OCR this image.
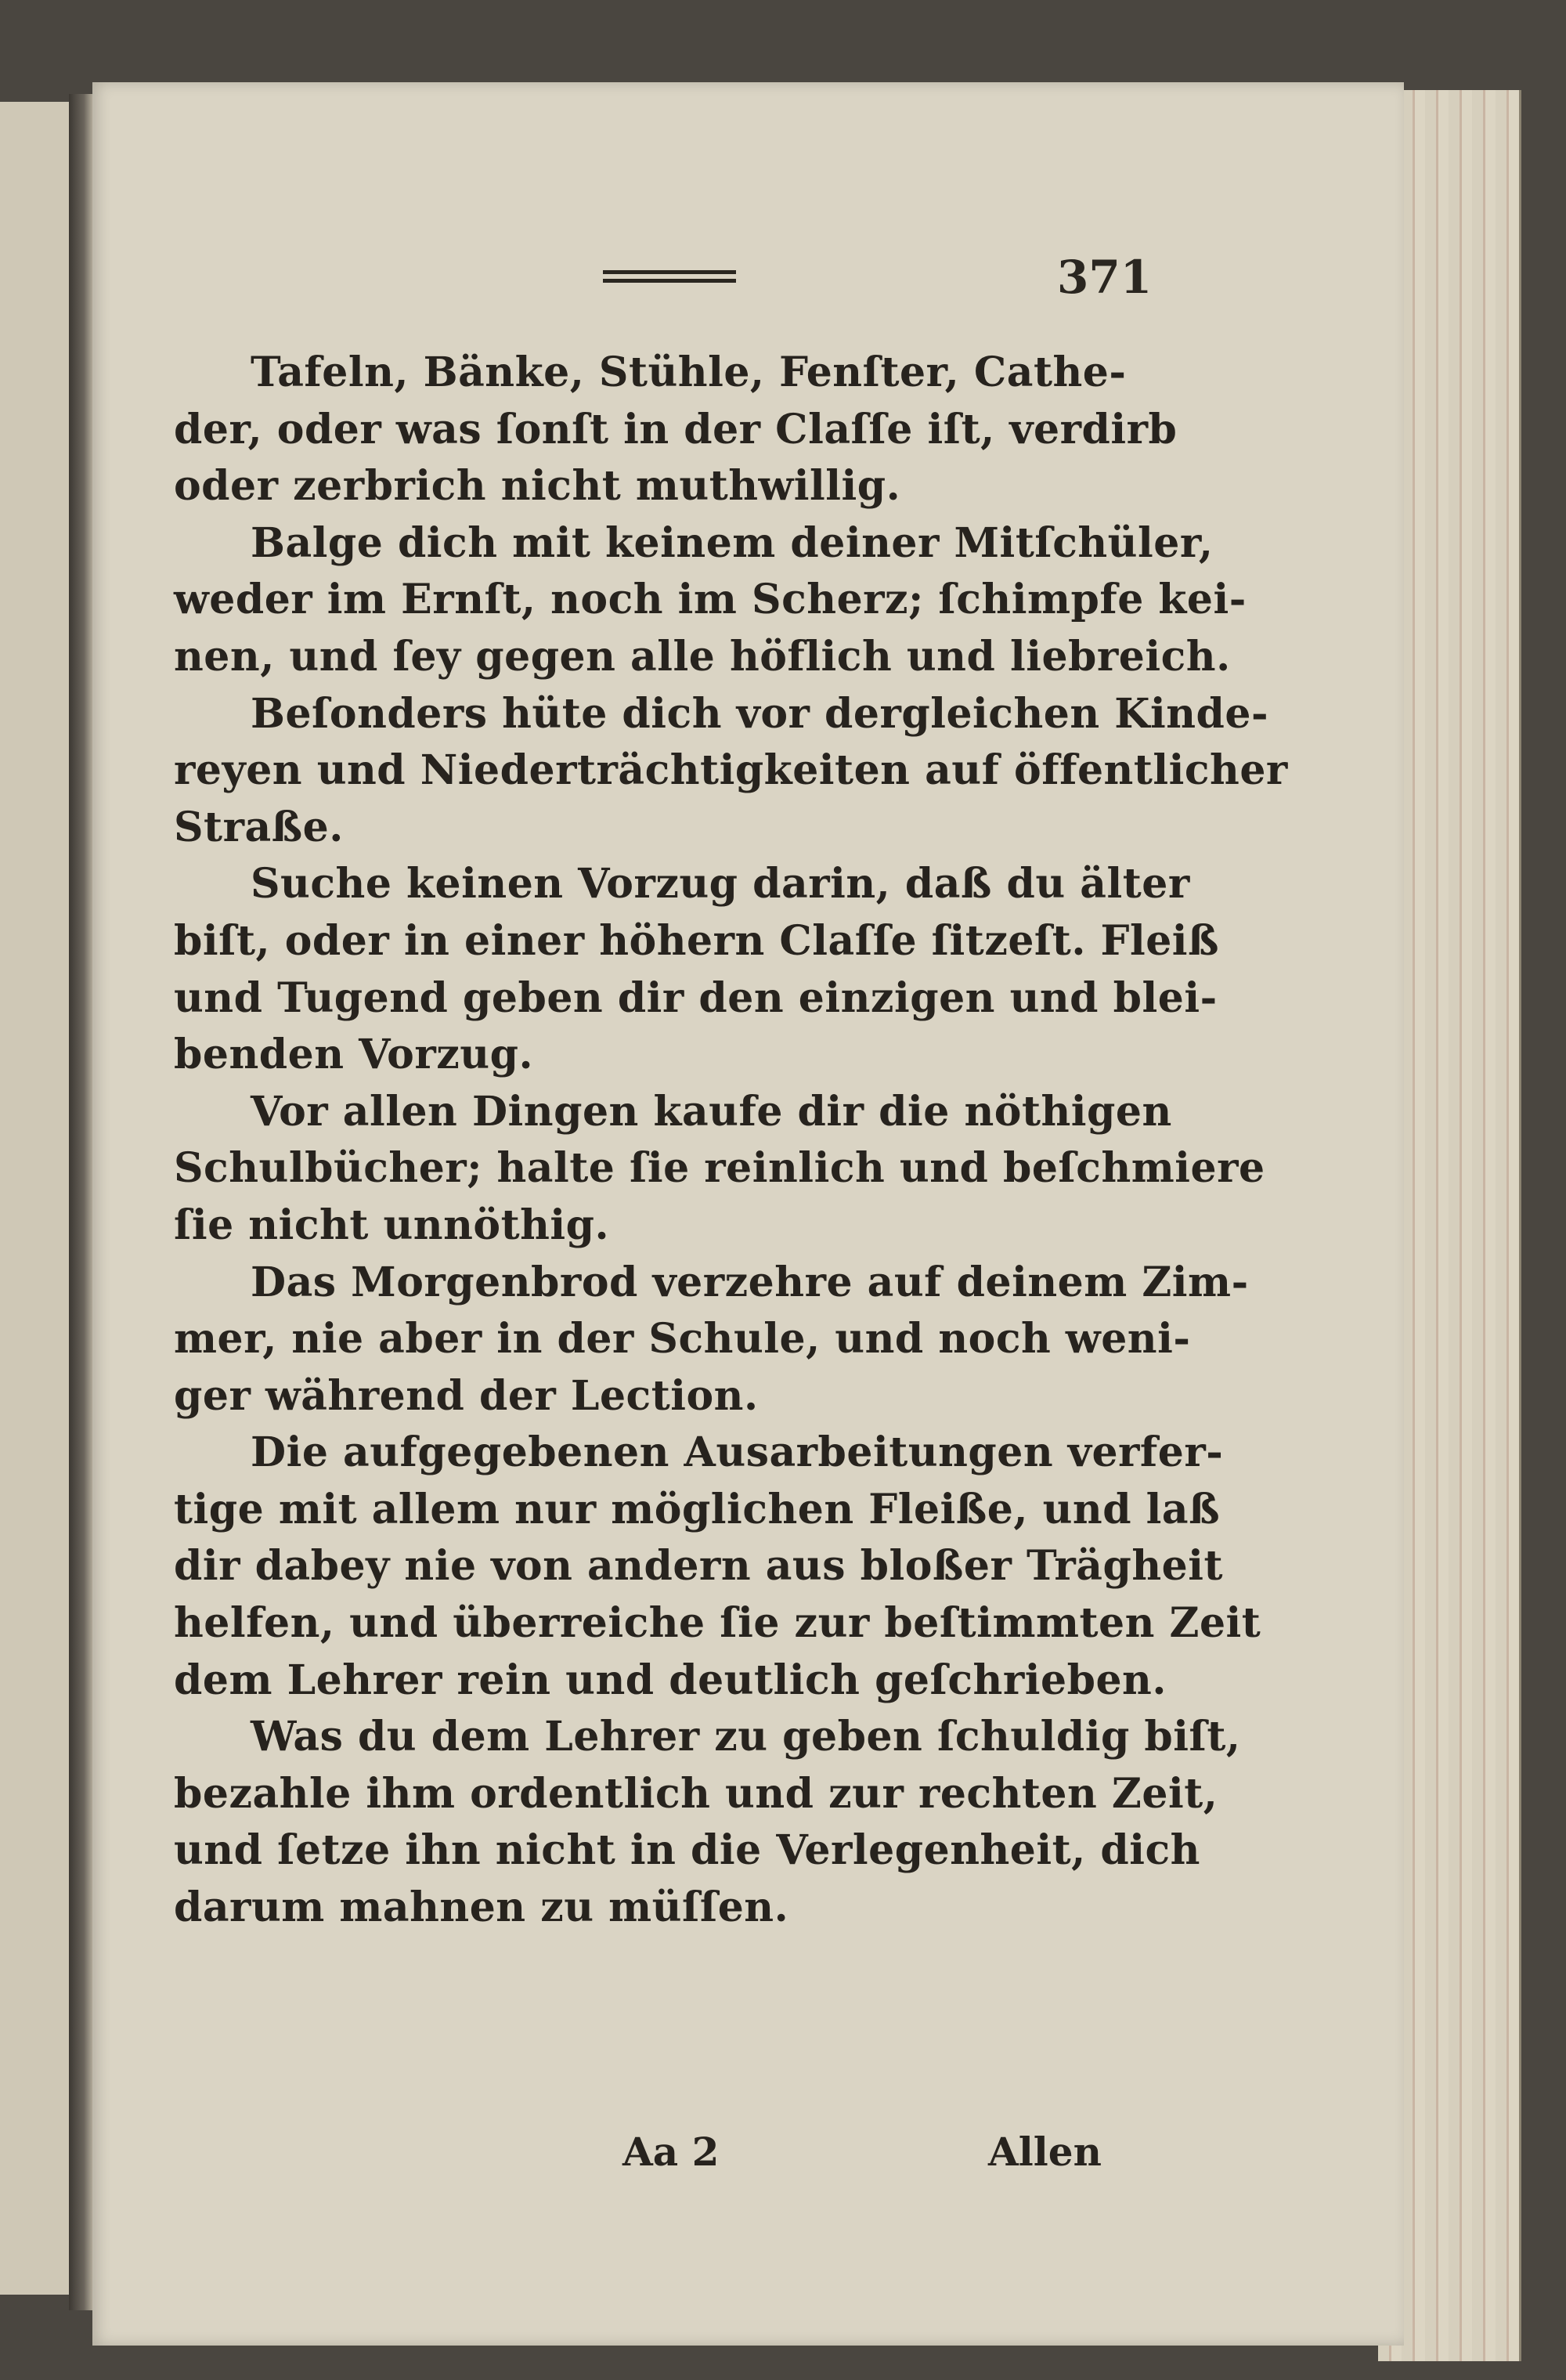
371
Tafeln, Bänke, Stühle, Fenſter, Cathe-
der, oder was ſonſt in der Claſſe iſt, verdirb
oder zerbrich nicht muthwillig.
Balge dich mit keinem deiner Mitſchüler,
weder im Ernſt, noch im Scherz; ſchimpfe kei-
nen, und ſey gegen alle höflich und liebreich.
Beſonders hüte dich vor dergleichen Kinde-
reyen und Niederträchtigkeiten auf öffentlicher
Straße.
Suche keinen Vorzug darin, daß du älter
biſt, oder in einer höhern Claſſe ſitzeſt. Fleiß
und Tugend geben dir den einzigen und blei-
benden Vorzug.
Vor allen Dingen kaufe dir die nöthigen
Schulbücher; halte ſie reinlich und beſchmiere
ſie nicht unnöthig.
Das Morgenbrod verzehre auf deinem Zim-
mer, nie aber in der Schule, und noch weni-
ger während der Lection.
Die aufgegebenen Ausarbeitungen verfer-
tige mit allem nur möglichen Fleiße, und laß
dir dabey nie von andern aus bloßer Trägheit
helfen, und überreiche ſie zur beſtimmten Zeit
dem Lehrer rein und deutlich geſchrieben.
Was du dem Lehrer zu geben ſchuldig biſt,
bezahle ihm ordentlich und zur rechten Zeit,
und ſetze ihn nicht in die Verlegenheit, dich
darum mahnen zu müſſen.
Aa 2	Allen
